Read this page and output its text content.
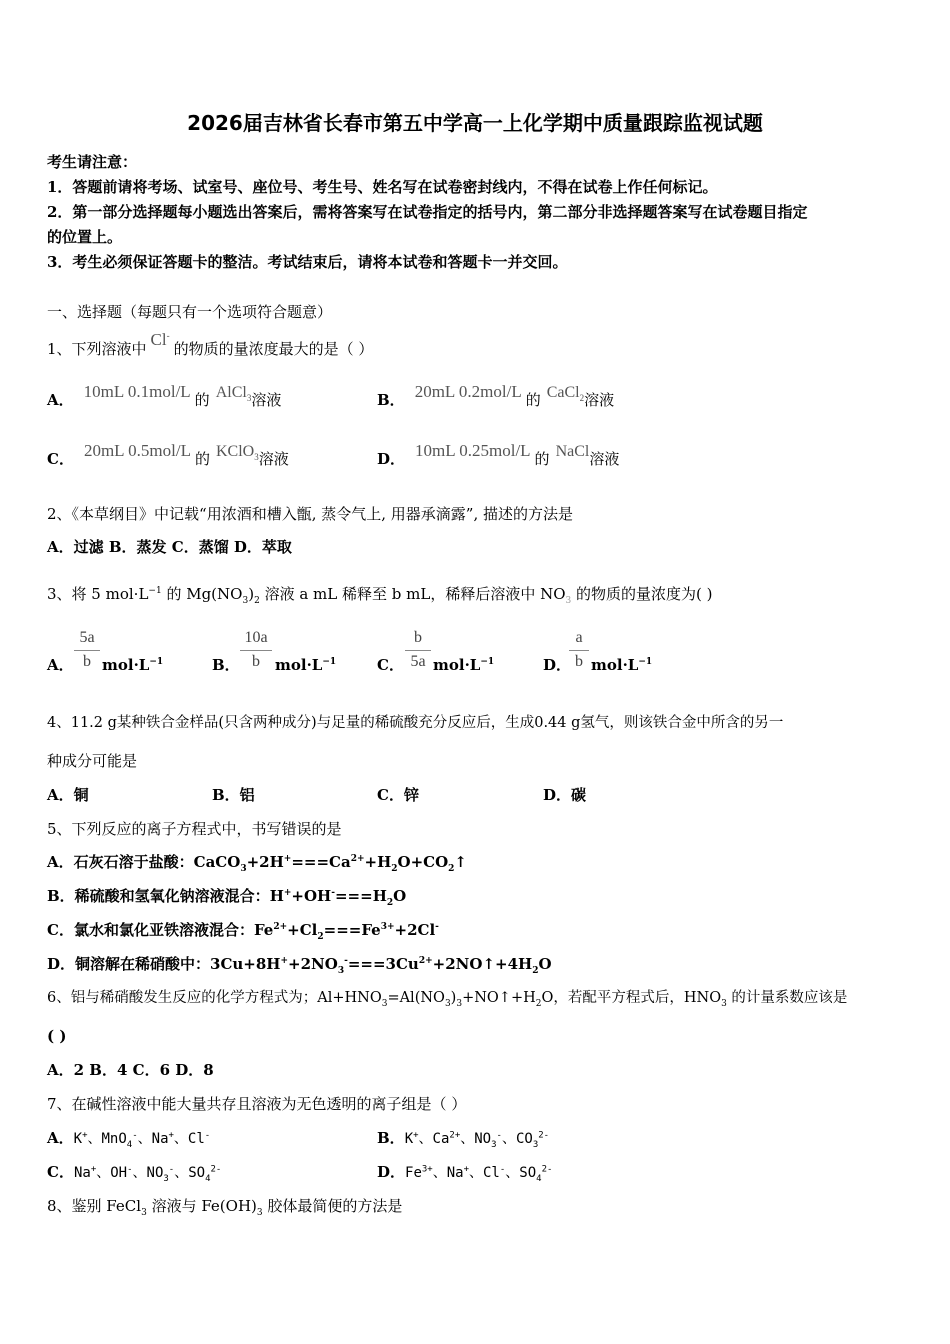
2026届吉林省长春市第五中学高一上化学期中质量跟踪监视试题
考生请注意：
1．答题前请将考场、试室号、座位号、考生号、姓名写在试卷密封线内，不得在试卷上作任何标记。
2．第一部分选择题每小题选出答案后，需将答案写在试卷指定的括号内，第二部分非选择题答案写在试卷题目指定
的位置上。
3．考生必须保证答题卡的整洁。考试结束后，请将本试卷和答题卡一并交回。
一、选择题（每题只有一个选项符合题意）
1、下列溶液中 Cl-的物质的量浓度最大的是（ ）
A． 10mL 0.1mol/L 的 AlCl$_3$溶液	B． 20mL 0.2mol/L 的 CaCl$_2$溶液
C． 20mL 0.5mol/L 的 KClO$_3$溶液	D． 10mL 0.25mol/L 的 NaCl溶液
2、《本草纲目》中记载“用浓酒和槽入甑, 蒸令气上, 用器承滴露”, 描述的方法是
A．过滤 B．蒸发 C．蒸馏 D．萃取
3、将 5 $mol\cdot L^{-1}$ 的 $Mg(NO_3)_2$ 溶液 a mL 稀释至 b mL，稀释后溶液中 $NO_3$ 的物质的量浓度为( )
A．
5a
b $mol\cdot L^{-1}$	B．
10a
b	$mol\cdot L^{-1}$	C．
b
5a $mol\cdot L^{-1}$	D．
a
b $mol\cdot L^{-1}$
4、11.2 g某种铁合金样品(只含两种成分)与足量的稀硫酸充分反应后，生成0.44 g氢气，则该铁合金中所含的另一
种成分可能是
A．铜	B．铝	C．锌	D．碳
5、下列反应的离子方程式中，书写错误的是
A．石灰石溶于盐酸：$CaCO_3+2H^+===Ca^{2+}+H_2O+CO_2↑$
B．稀硫酸和氢氧化钠溶液混合：$H^++OH^-===H_2O$
C．氯水和氯化亚铁溶液混合：$Fe^{2+}+Cl_2===Fe^{3+}+2Cl^-$
D．铜溶解在稀硝酸中：$3Cu+8H^++2NO_3^-===3Cu^{2+}+2NO↑+4H_2O$
6、铝与稀硝酸发生反应的化学方程式为；$Al+HNO_3=Al(NO_3)_3+NO↑+H_2O$，若配平方程式后，$HNO_3$ 的计量系数应该是
( )
A．2 B．4 C．6 D．8
7、在碱性溶液中能大量共存且溶液为无色透明的离子组是（ ）
A．K+、MnO$_4$-、Na+、Cl-	B．K+、$Ca^{2+}$、$NO_3^-$、$CO_3^{2-}$
C．Na+、OH-、$NO_3^-$、$SO_4^{2-}$	D．$Fe^{3+}$、Na+、Cl-、$SO_4^{2-}$
8、鉴别 FeCl$_3$ 溶液与 $Fe(OH)_3$ 胶体最简便的方法是
